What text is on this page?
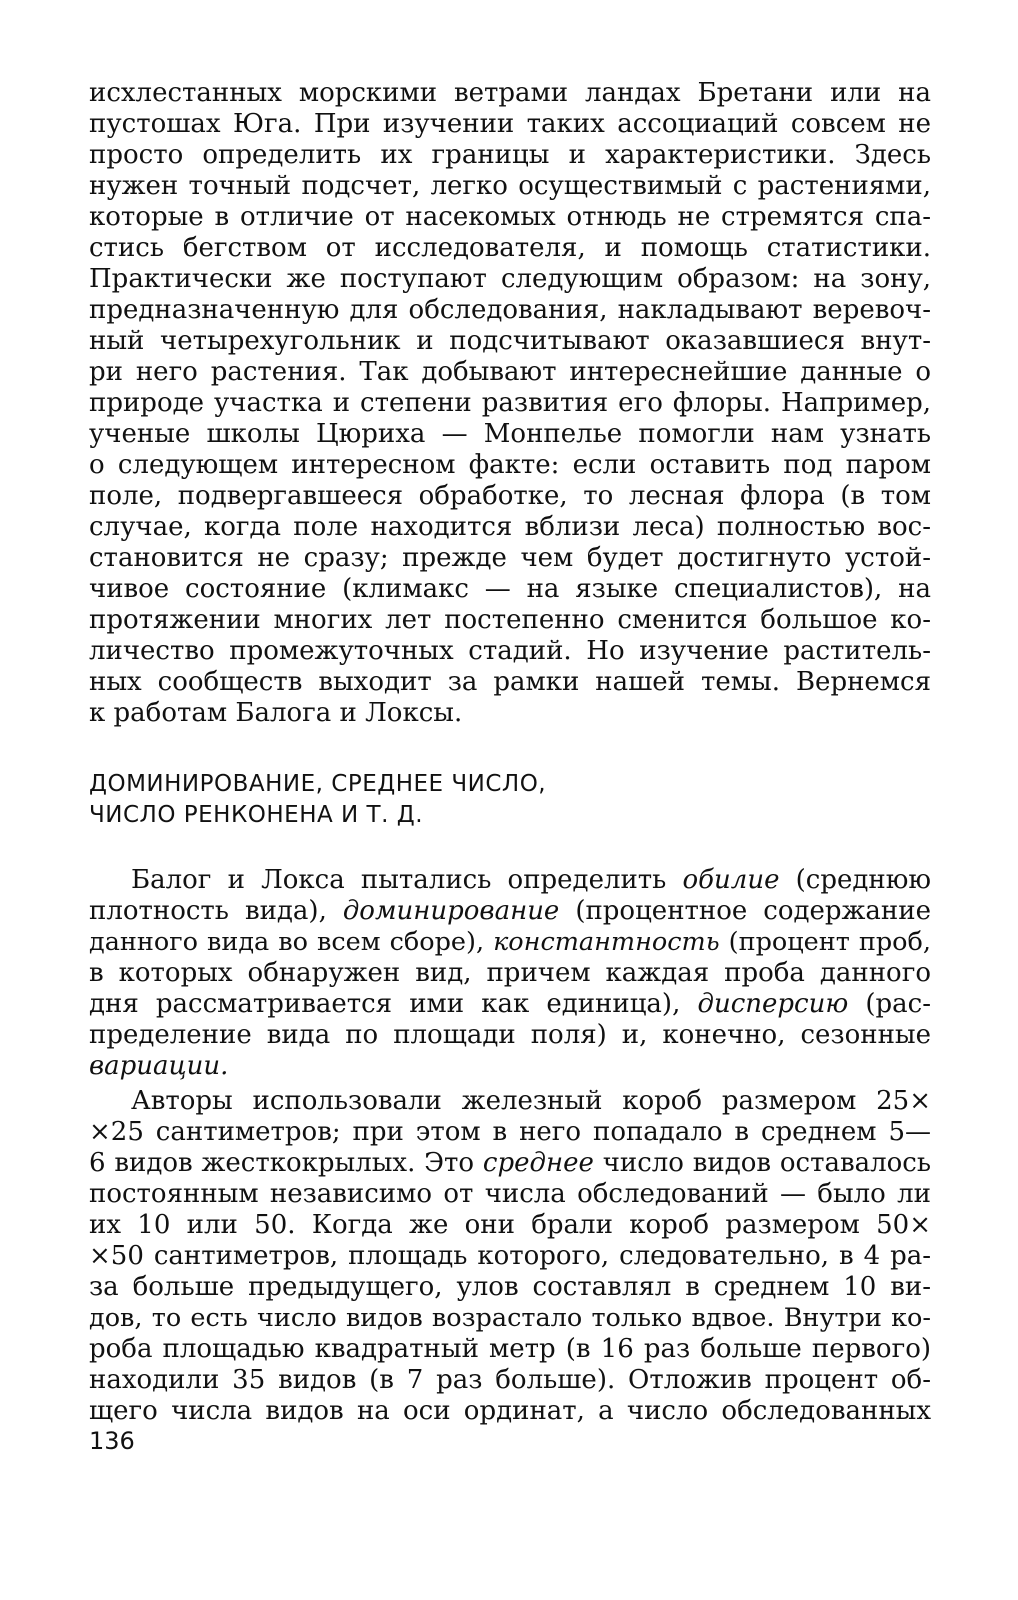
исхлестанных морскими ветрами ландах Бретани или на
пустошах Юга. При изучении таких ассоциаций совсем не
просто определить их границы и характеристики. Здесь
нужен точный подсчет, легко осуществимый с растениями,
которые в отличие от насекомых отнюдь не стремятся спа-
стись бегством от исследователя, и помощь статистики.
Практически же поступают следующим образом: на зону,
предназначенную для обследования, накладывают веревоч-
ный четырехугольник и подсчитывают оказавшиеся внут-
ри него растения. Так добывают интереснейшие данные о
природе участка и степени развития его флоры. Например,
ученые школы Цюриха — Монпелье помогли нам узнать
о следующем интересном факте: если оставить под паром
поле, подвергавшееся обработке, то лесная флора (в том
случае, когда поле находится вблизи леса) полностью вос-
становится не сразу; прежде чем будет достигнуто устой-
чивое состояние (климакс — на языке специалистов), на
протяжении многих лет постепенно сменится большое ко-
личество промежуточных стадий. Но изучение раститель-
ных сообществ выходит за рамки нашей темы. Вернемся
к работам Балога и Локсы.
ДОМИНИРОВАНИЕ, СРЕДНЕЕ ЧИСЛО,
ЧИСЛО РЕНКОНЕНА И Т. Д.
Балог и Локса пытались определить обилие (среднюю
плотность вида), доминирование (процентное содержание
данного вида во всем сборе), константность (процент проб,
в которых обнаружен вид, причем каждая проба данного
дня рассматривается ими как единица), дисперсию (рас-
пределение вида по площади поля) и, конечно, сезонные
вариации.
Авторы использовали железный короб размером 25×
×25 сантиметров; при этом в него попадало в среднем 5—
6 видов жесткокрылых. Это среднее число видов оставалось
постоянным независимо от числа обследований — было ли
их 10 или 50. Когда же они брали короб размером 50×
×50 сантиметров, площадь которого, следовательно, в 4 ра-
за больше предыдущего, улов составлял в среднем 10 ви-
дов, то есть число видов возрастало только вдвое. Внутри ко-
роба площадью квадратный метр (в 16 раз больше первого)
находили 35 видов (в 7 раз больше). Отложив процент об-
щего числа видов на оси ординат, а число обследованных
136
